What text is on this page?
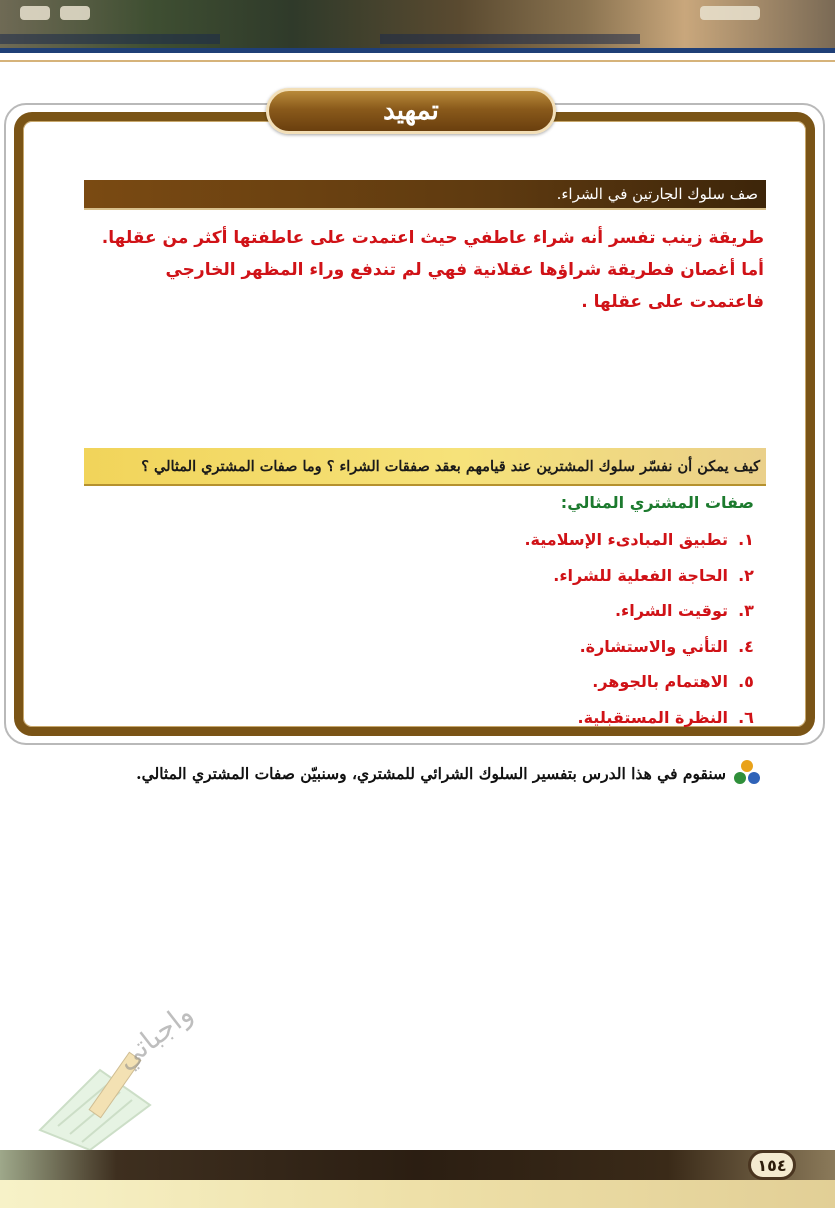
تمهيد
صف سلوك الجارتين في الشراء.
طريقة زينب تفسر أنه شراء عاطفي حيث اعتمدت على عاطفتها أكثر من عقلها.
أما أغصان فطريقة شراؤها عقلانية فهي لم تندفع وراء المظهر الخارجي فاعتمدت على عقلها .
كيف يمكن أن نفسّر سلوك المشترين عند قيامهم بعقد صفقات الشراء ؟ وما صفات المشتري المثالي ؟
صفات المشتري المثالي:
١.
تطبيق المبادىء الإسلامية.
٢.
الحاجة الفعلية للشراء.
٣.
توقيت الشراء.
٤.
التأني والاستشارة.
٥.
الاهتمام بالجوهر.
٦.
النظرة المستقبلية.
سنقوم في هذا الدرس بتفسير السلوك الشرائي للمشتري، وسنبيّن صفات المشتري المثالي.
واجباتي
١٥٤
